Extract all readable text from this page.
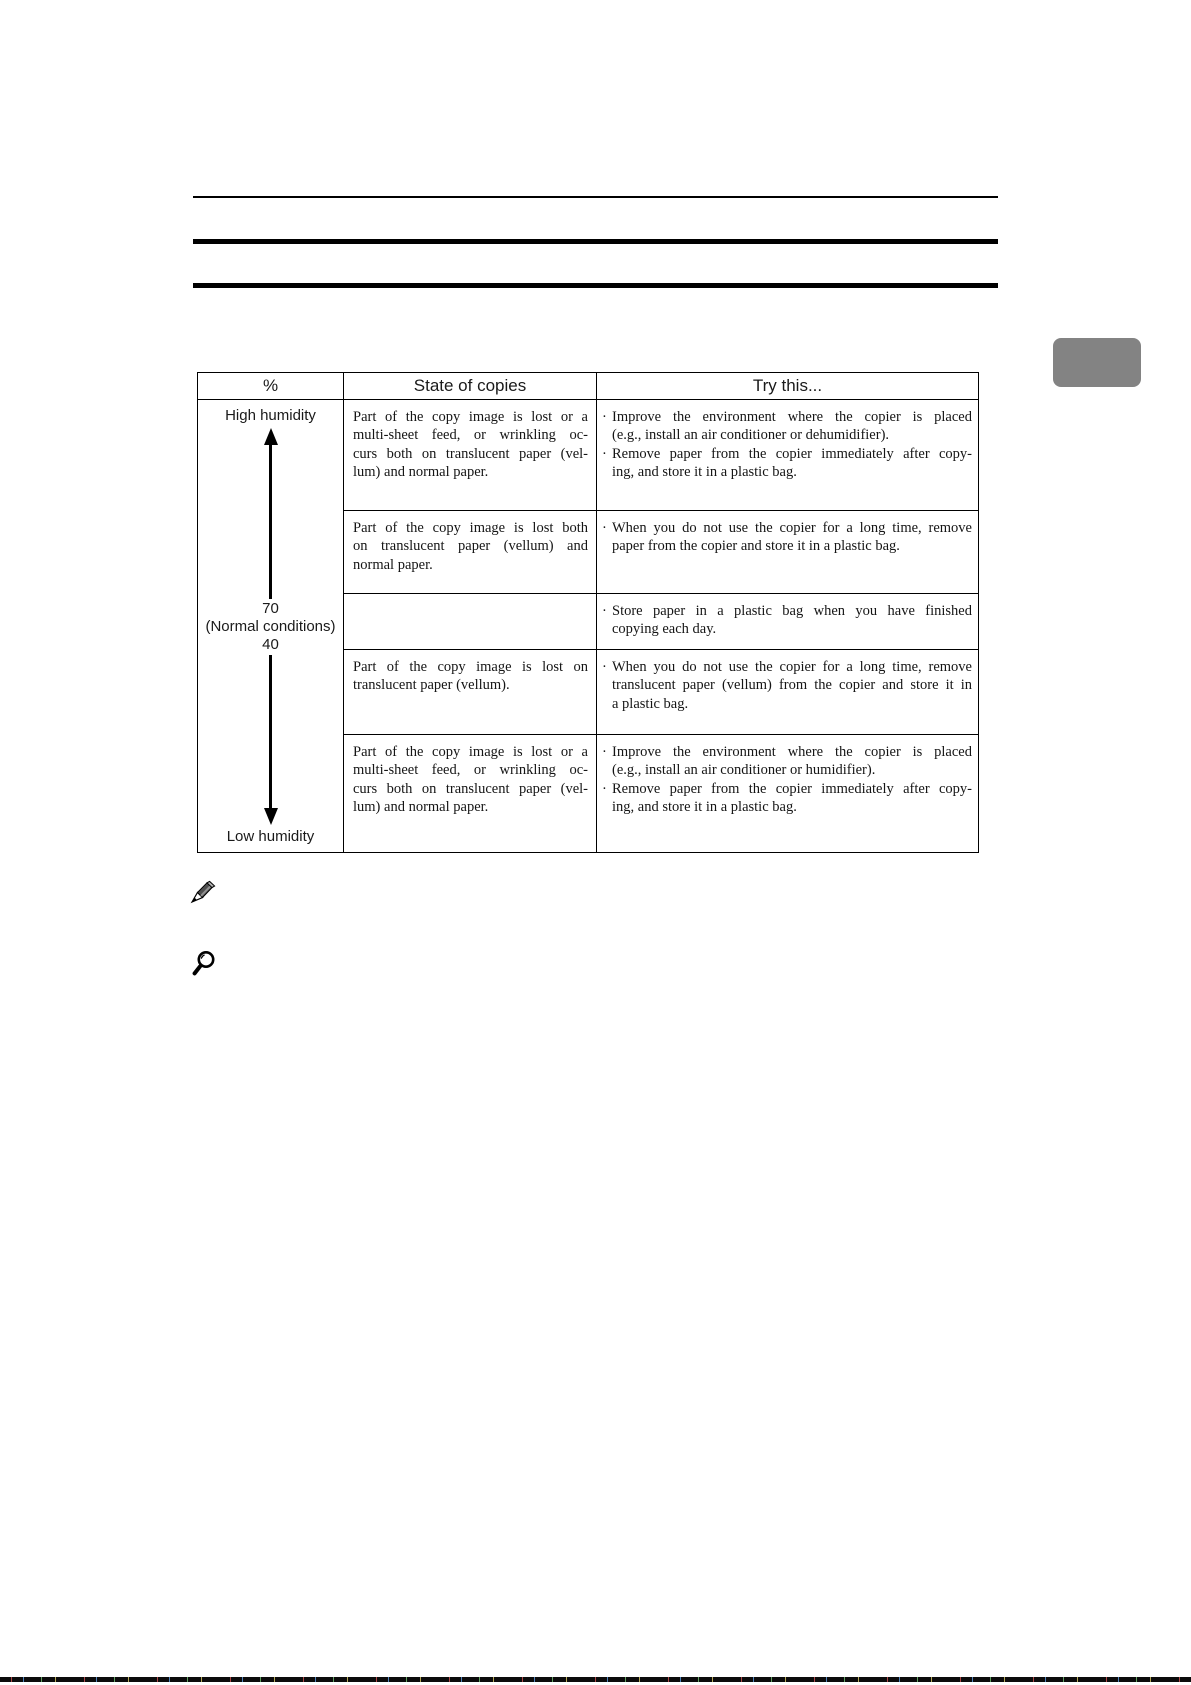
%	State of copies	Try this...
High humidity
70
(Normal conditions)
40
Low humidity
Part of the copy image is lost or a
multi-sheet feed, or wrinkling oc-
curs both on translucent paper (vel-
lum) and normal paper.
· Improve the environment where the copier is placed
(e.g., install an air conditioner or dehumidifier).
· Remove paper from the copier immediately after copy-
ing, and store it in a plastic bag.
Part of the copy image is lost both
on translucent paper (vellum) and
normal paper.
· When you do not use the copier for a long time, remove
paper from the copier and store it in a plastic bag.
· Store paper in a plastic bag when you have finished
copying each day.
Part of the copy image is lost on
translucent paper (vellum).
· When you do not use the copier for a long time, remove
translucent paper (vellum) from the copier and store it in
a plastic bag.
Part of the copy image is lost or a
multi-sheet feed, or wrinkling oc-
curs both on translucent paper (vel-
lum) and normal paper.
· Improve the environment where the copier is placed
(e.g., install an air conditioner or humidifier).
· Remove paper from the copier immediately after copy-
ing, and store it in a plastic bag.
